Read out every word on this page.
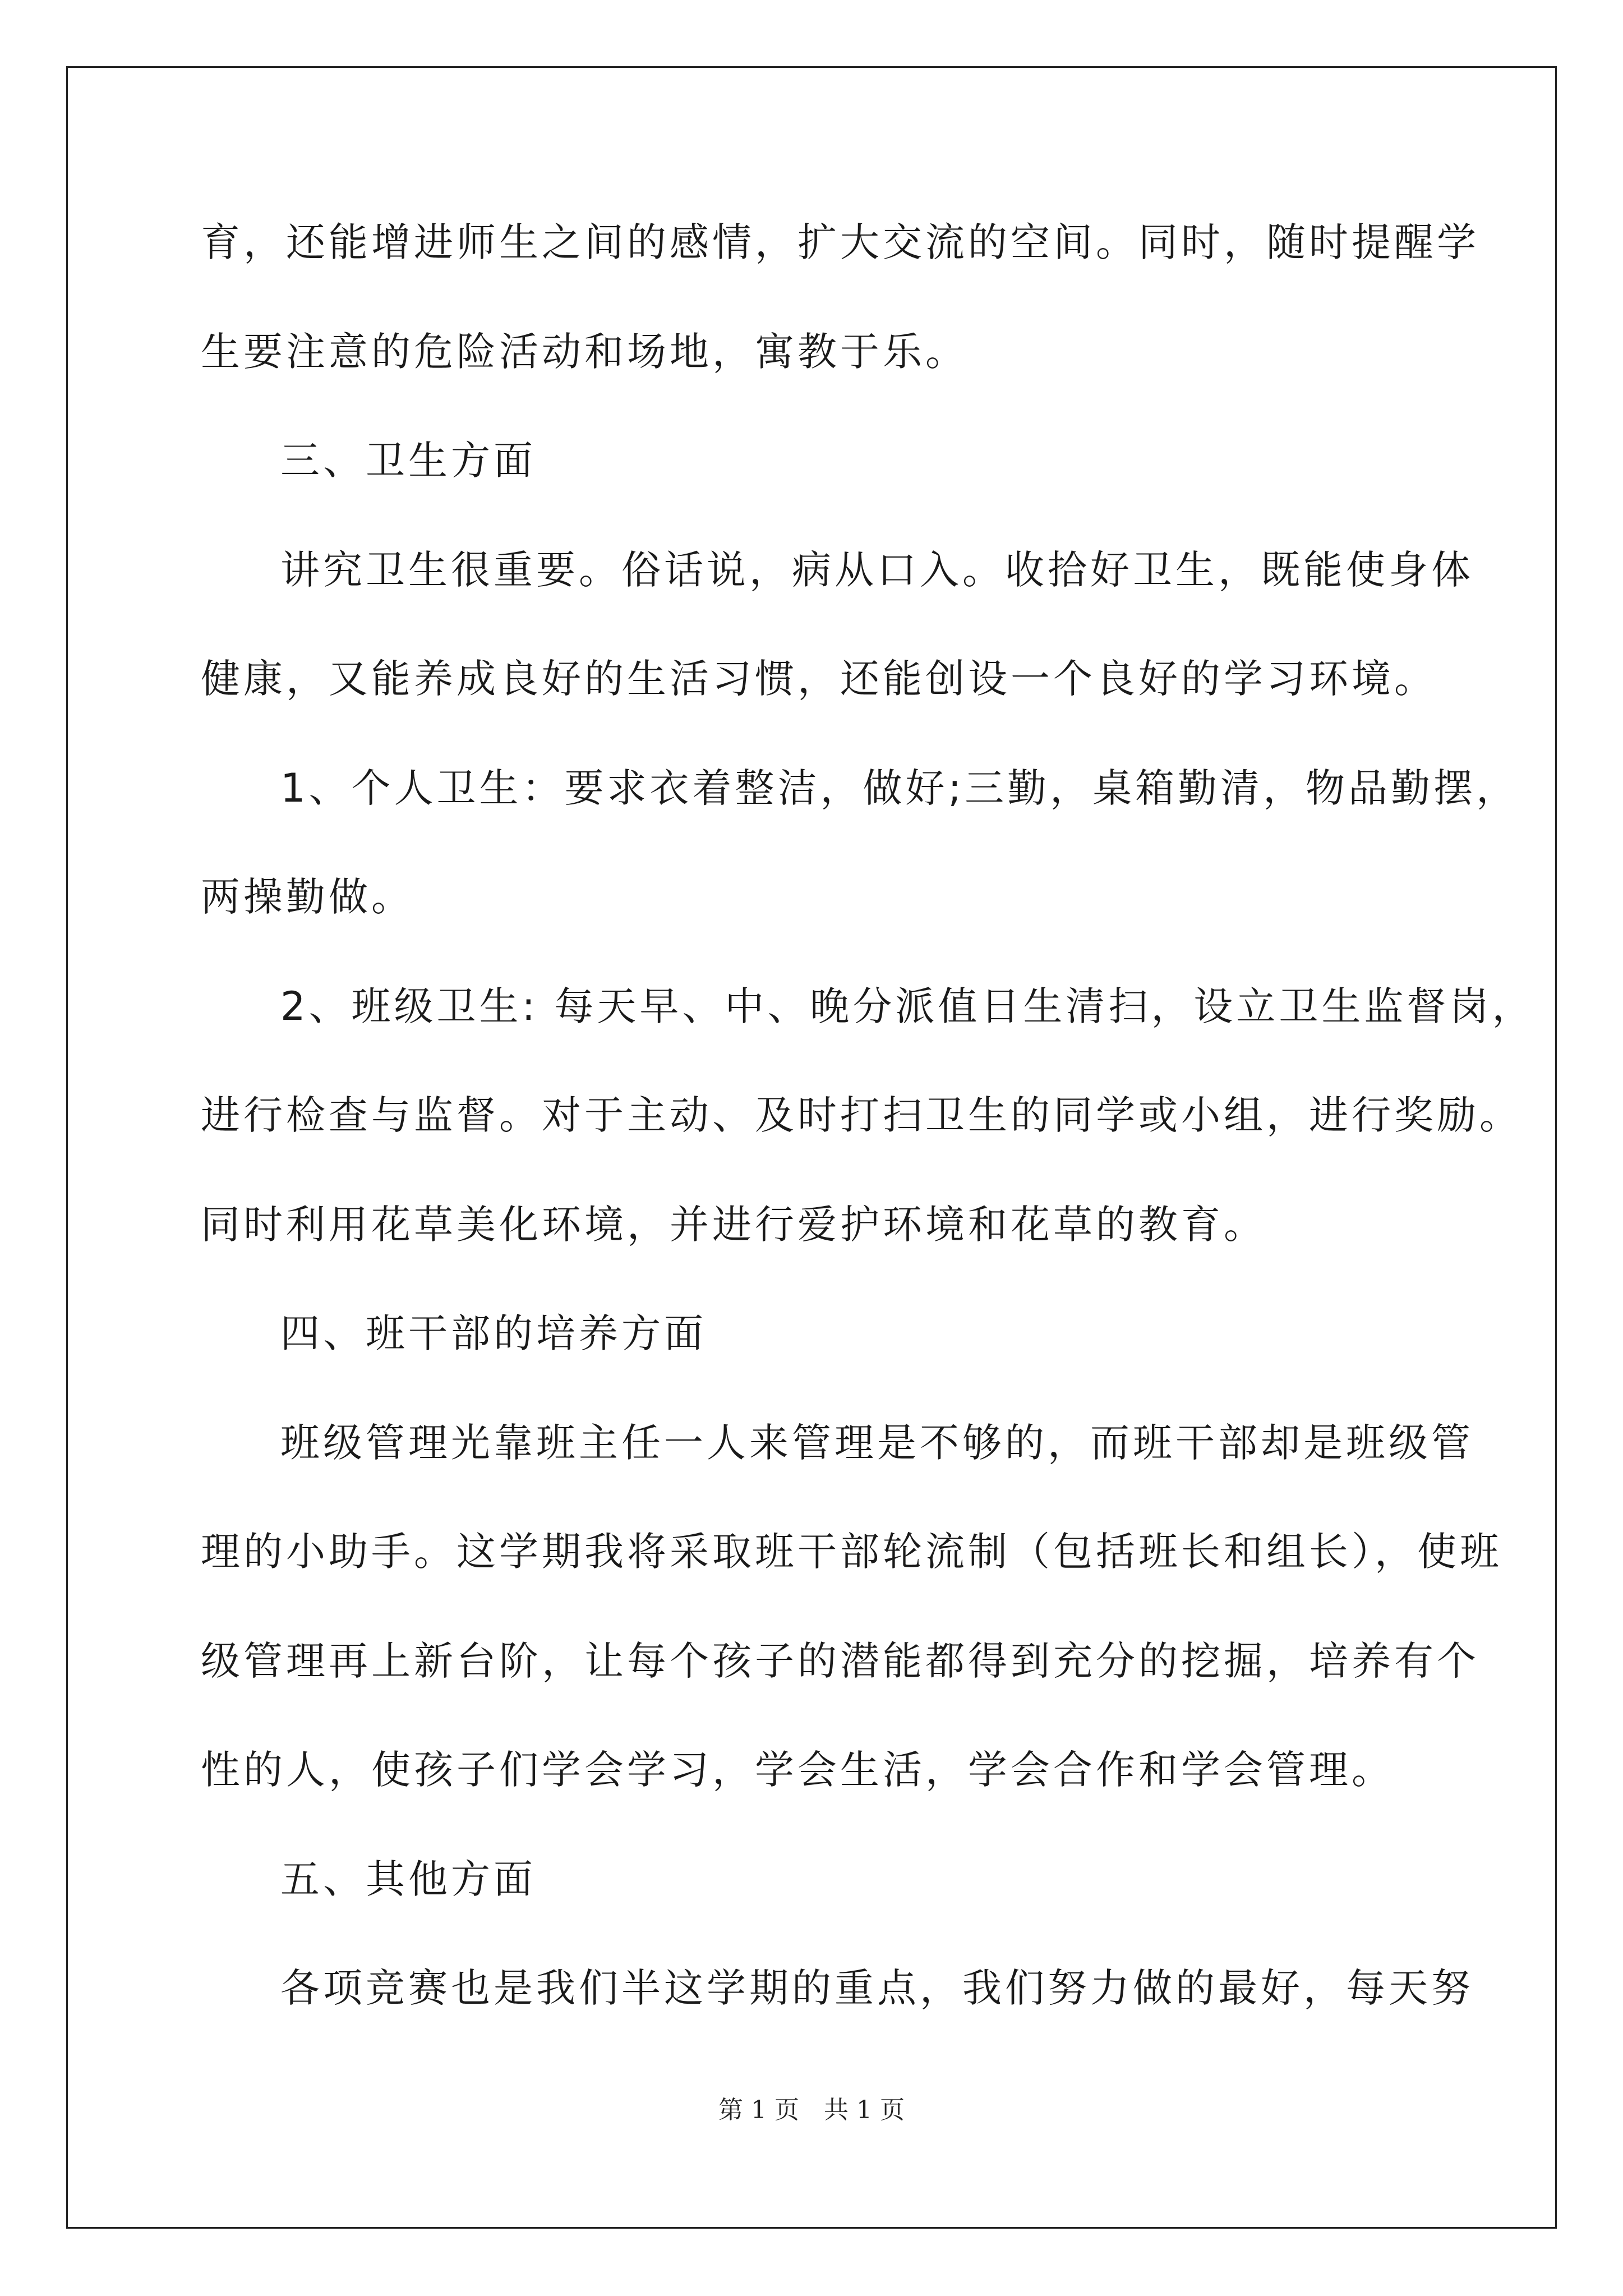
育，还能增进师生之间的感情，扩大交流的空间。同时，随时提醒学
生要注意的危险活动和场地，寓教于乐。
三、卫生方面
讲究卫生很重要。俗话说，病从口入。收拾好卫生，既能使身体
健康，又能养成良好的生活习惯，还能创设一个良好的学习环境。
1、个人卫生：要求衣着整洁，做好;三勤，桌箱勤清，物品勤摆，
两操勤做。
2、班级卫生: 每天早、中、晚分派值日生清扫，设立卫生监督岗，
进行检查与监督。对于主动、及时打扫卫生的同学或小组，进行奖励。
同时利用花草美化环境，并进行爱护环境和花草的教育。
四、班干部的培养方面
班级管理光靠班主任一人来管理是不够的，而班干部却是班级管
理的小助手。这学期我将采取班干部轮流制（包括班长和组长），使班
级管理再上新台阶，让每个孩子的潜能都得到充分的挖掘，培养有个
性的人，使孩子们学会学习，学会生活，学会合作和学会管理。
五、其他方面
各项竞赛也是我们半这学期的重点，我们努力做的最好，每天努
第 1 页　共 1 页
